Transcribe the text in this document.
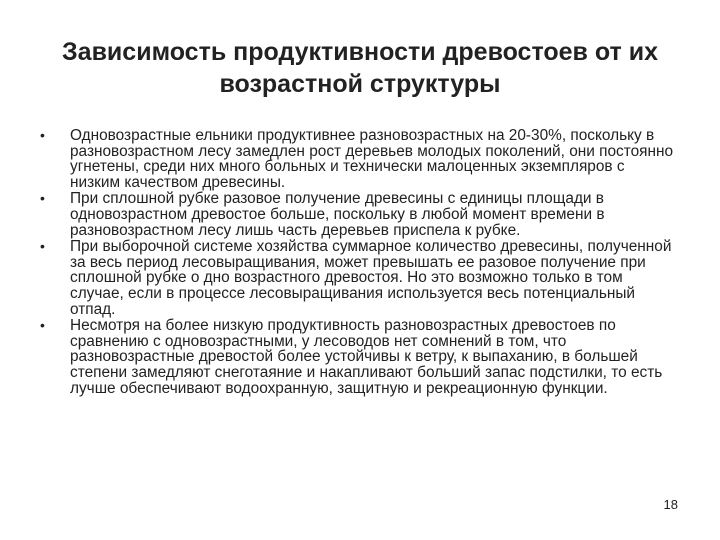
Зависимость продуктивности древостоев от их возрастной структуры
•	Одновозрастные ельники продуктивнее разновозрастных на 20-30%, поскольку в разновозрастном лесу замедлен рост деревьев молодых поколений, они постоянно угнетены, среди них много больных и технически малоценных экземпляров с низким качеством древесины.
•	При сплошной рубке разовое получение древесины с единицы площади в одновозрастном древостое больше, поскольку в любой момент времени в разновозрастном лесу лишь часть деревьев приспела к рубке.
•	При выборочной системе хозяйства суммарное количество древесины, полученной за весь период лесовыращивания, может превышать ее разовое получение при сплошной рубке о дно возрастного древостоя. Но это возможно только в том случае, если в процессе лесовыращивания используется весь потенциальный отпад.
•	Несмотря на более низкую продуктивность разновозрастных древостоев по сравнению с одновозрастными, у лесоводов нет сомнений в том, что разновозрастные древостой более устойчивы к ветру, к выпаханию, в большей степени замедляют снеготаяние и накапливают больший запас подстилки, то есть лучше обеспечивают водоохранную, защитную и рекреационную функции.
18
